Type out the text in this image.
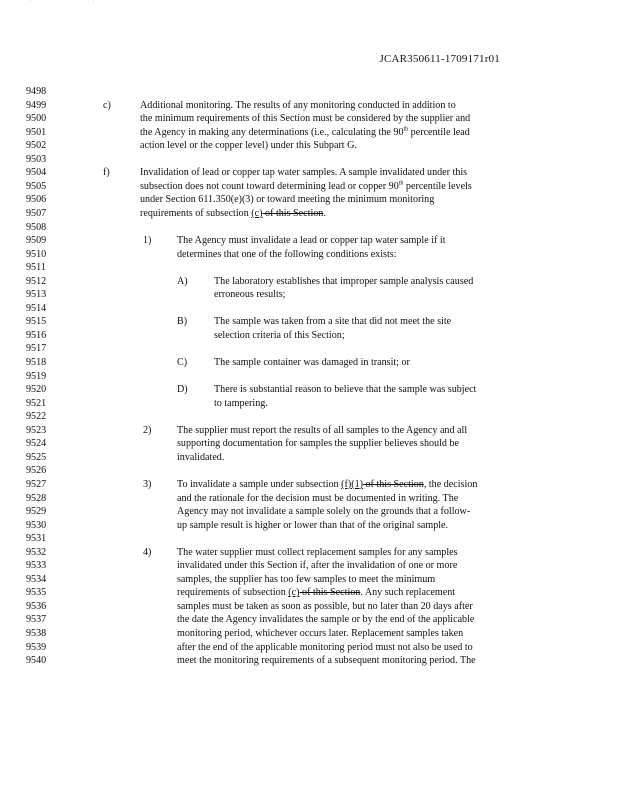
' '
JCAR350611-1709171r01
9498
9499	c)	Additional monitoring. The results of any monitoring conducted in addition to
9500	the minimum requirements of this Section must be considered by the supplier and
9501	the Agency in making any determinations (i.e., calculating the 90th percentile lead
9502	action level or the copper level) under this Subpart G.
9503
9504	f)	Invalidation of lead or copper tap water samples. A sample invalidated under this
9505	subsection does not count toward determining lead or copper 90th percentile levels
9506	under Section 611.350(e)(3) or toward meeting the minimum monitoring
9507	requirements of subsection (c) of this Section.
9508
9509	1)	The Agency must invalidate a lead or copper tap water sample if it
9510	determines that one of the following conditions exists:
9511
9512	A)	The laboratory establishes that improper sample analysis caused
9513	erroneous results;
9514
9515	B)	The sample was taken from a site that did not meet the site
9516	selection criteria of this Section;
9517
9518	C)	The sample container was damaged in transit; or
9519
9520	D)	There is substantial reason to believe that the sample was subject
9521	to tampering.
9522
9523	2)	The supplier must report the results of all samples to the Agency and all
9524	supporting documentation for samples the supplier believes should be
9525	invalidated.
9526
9527	3)	To invalidate a sample under subsection (f)(1) of this Section, the decision
9528	and the rationale for the decision must be documented in writing. The
9529	Agency may not invalidate a sample solely on the grounds that a follow-
9530	up sample result is higher or lower than that of the original sample.
9531
9532	4)	The water supplier must collect replacement samples for any samples
9533	invalidated under this Section if, after the invalidation of one or more
9534	samples, the supplier has too few samples to meet the minimum
9535	requirements of subsection (c) of this Section. Any such replacement
9536	samples must be taken as soon as possible, but no later than 20 days after
9537	the date the Agency invalidates the sample or by the end of the applicable
9538	monitoring period, whichever occurs later. Replacement samples taken
9539	after the end of the applicable monitoring period must not also be used to
9540	meet the monitoring requirements of a subsequent monitoring period. The
